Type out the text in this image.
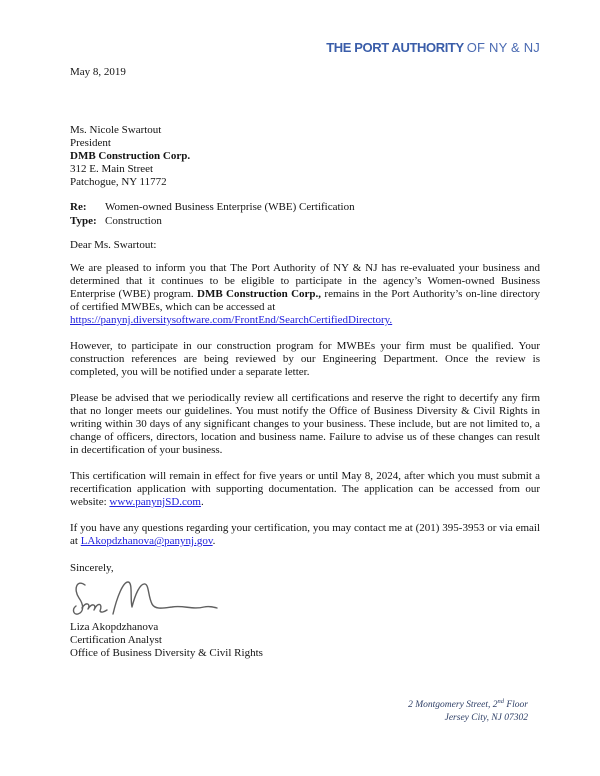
THE PORT AUTHORITY OF NY & NJ
May 8, 2019
Ms. Nicole Swartout
President
DMB Construction Corp.
312 E. Main Street
Patchogue, NY 11772
Re: Women-owned Business Enterprise (WBE) Certification
Type: Construction
Dear Ms. Swartout:

We are pleased to inform you that The Port Authority of NY & NJ has re-evaluated your business and determined that it continues to be eligible to participate in the agency’s Women-owned Business Enterprise (WBE) program. DMB Construction Corp., remains in the Port Authority’s on-line directory of certified MWBEs, which can be accessed at
https://panynj.diversitysoftware.com/FrontEnd/SearchCertifiedDirectory.

However, to participate in our construction program for MWBEs your firm must be qualified. Your construction references are being reviewed by our Engineering Department. Once the review is completed, you will be notified under a separate letter.

Please be advised that we periodically review all certifications and reserve the right to decertify any firm that no longer meets our guidelines. You must notify the Office of Business Diversity & Civil Rights in writing within 30 days of any significant changes to your business. These include, but are not limited to, a change of officers, directors, location and business name. Failure to advise us of these changes can result in decertification of your business.

This certification will remain in effect for five years or until May 8, 2024, after which you must submit a recertification application with supporting documentation. The application can be accessed from our website: www.panynjSD.com.

If you have any questions regarding your certification, you may contact me at (201) 395-3953 or via email at LAkopdzhanova@panynj.gov.

Sincerely,
Liza Akopdzhanova
Certification Analyst
Office of Business Diversity & Civil Rights
2 Montgomery Street, 2nd Floor
Jersey City, NJ 07302
